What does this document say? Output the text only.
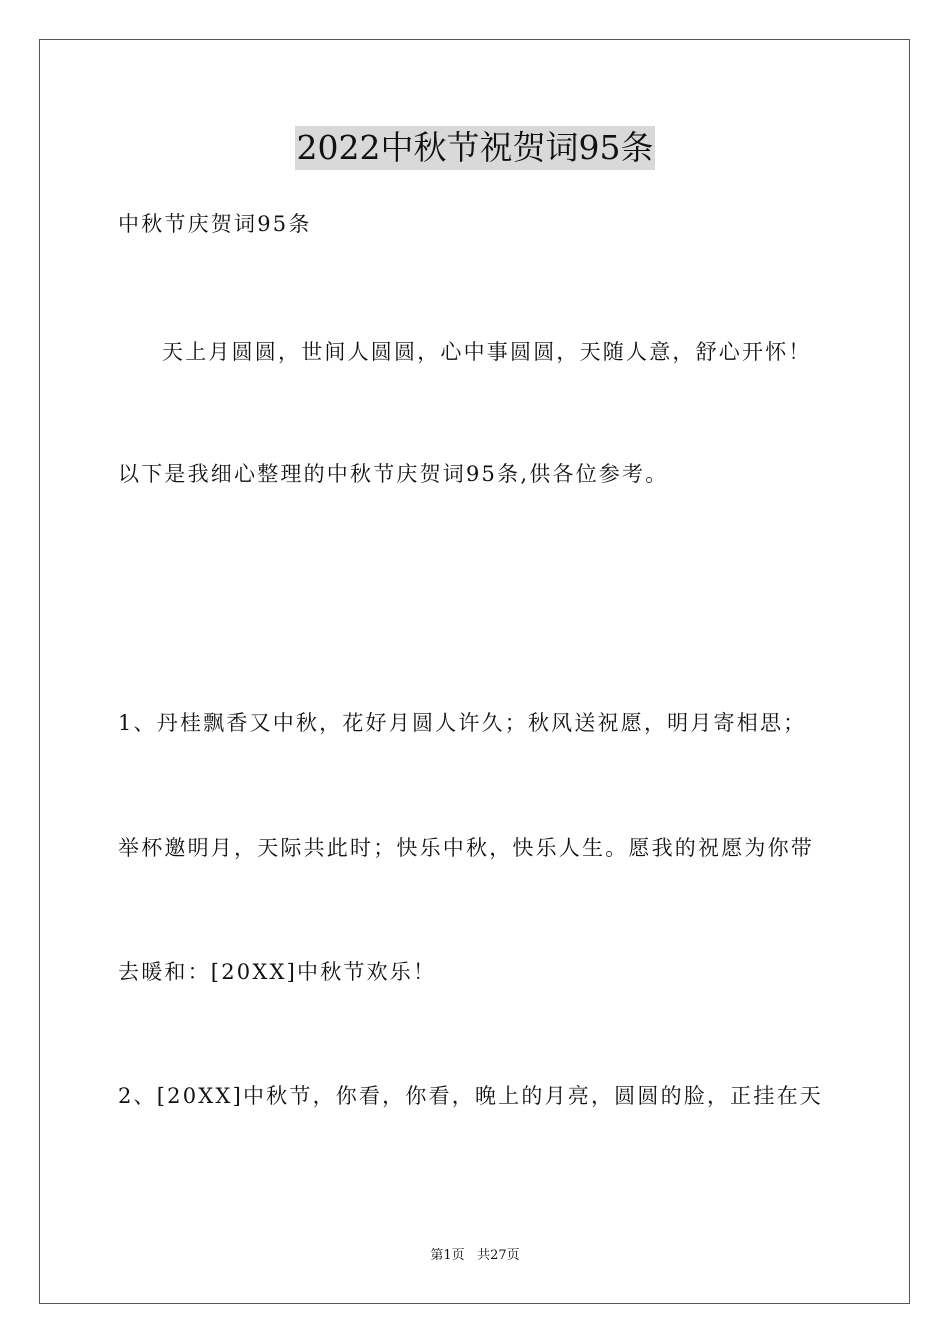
2022中秋节祝贺词95条
中秋节庆贺词95条
天上月圆圆，世间人圆圆，心中事圆圆，天随人意，舒心开怀！
以下是我细心整理的中秋节庆贺词95条,供各位参考。
1、丹桂飘香又中秋，花好月圆人许久；秋风送祝愿，明月寄相思；
举杯邀明月，天际共此时；快乐中秋，快乐人生。愿我的祝愿为你带
去暖和：[20XX]中秋节欢乐！
2、[20XX]中秋节，你看，你看，晚上的月亮，圆圆的脸，正挂在天
第1页 共27页
